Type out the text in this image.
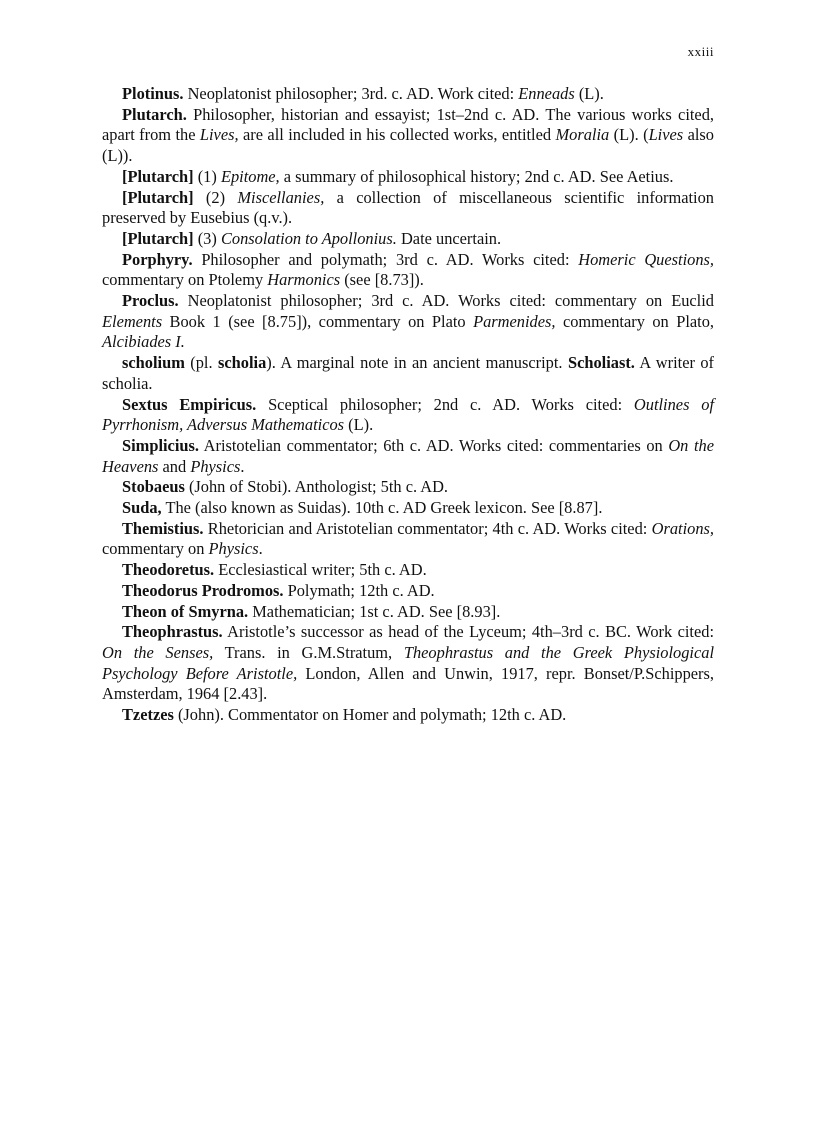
xxiii

Plotinus. Neoplatonist philosopher; 3rd. c. AD. Work cited: Enneads (L).

Plutarch. Philosopher, historian and essayist; 1st–2nd c. AD. The various works cited, apart from the Lives, are all included in his collected works, entitled Moralia (L). (Lives also (L)).

[Plutarch] (1) Epitome, a summary of philosophical history; 2nd c. AD. See Aetius.

[Plutarch] (2) Miscellanies, a collection of miscellaneous scientific information preserved by Eusebius (q.v.).

[Plutarch] (3) Consolation to Apollonius. Date uncertain.

Porphyry. Philosopher and polymath; 3rd c. AD. Works cited: Homeric Questions, commentary on Ptolemy Harmonics (see [8.73]).

Proclus. Neoplatonist philosopher; 3rd c. AD. Works cited: commentary on Euclid Elements Book 1 (see [8.75]), commentary on Plato Parmenides, commentary on Plato, Alcibiades I.

scholium (pl. scholia). A marginal note in an ancient manuscript. Scholiast. A writer of scholia.

Sextus Empiricus. Sceptical philosopher; 2nd c. AD. Works cited: Outlines of Pyrrhonism, Adversus Mathematicos (L).

Simplicius. Aristotelian commentator; 6th c. AD. Works cited: commentaries on On the Heavens and Physics.

Stobaeus (John of Stobi). Anthologist; 5th c. AD.

Suda, The (also known as Suidas). 10th c. AD Greek lexicon. See [8.87].

Themistius. Rhetorician and Aristotelian commentator; 4th c. AD. Works cited: Orations, commentary on Physics.

Theodoretus. Ecclesiastical writer; 5th c. AD.

Theodorus Prodromos. Polymath; 12th c. AD.

Theon of Smyrna. Mathematician; 1st c. AD. See [8.93].

Theophrastus. Aristotle’s successor as head of the Lyceum; 4th–3rd c. BC. Work cited: On the Senses, Trans. in G.M.Stratum, Theophrastus and the Greek Physiological Psychology Before Aristotle, London, Allen and Unwin, 1917, repr. Bonset/P.Schippers, Amsterdam, 1964 [2.43].

Tzetzes (John). Commentator on Homer and polymath; 12th c. AD.
